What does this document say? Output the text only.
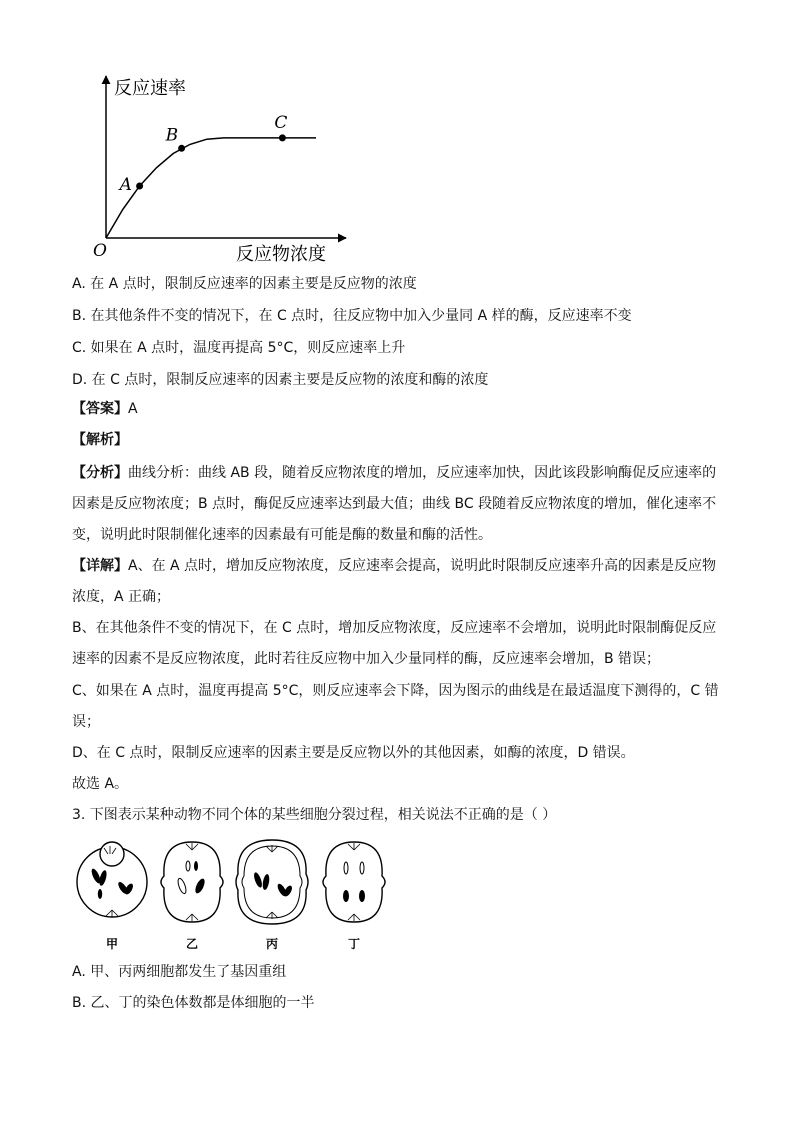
反应速率
反应物浓度
O
A
B
C
A. 在 A 点时，限制反应速率的因素主要是反应物的浓度
B. 在其他条件不变的情况下，在 C 点时，往反应物中加入少量同 A 样的酶，反应速率不变
C. 如果在 A 点时，温度再提高 5°C，则反应速率上升
D. 在 C 点时，限制反应速率的因素主要是反应物的浓度和酶的浓度
【答案】A
【解析】
【分析】曲线分析：曲线 AB 段，随着反应物浓度的增加，反应速率加快，因此该段影响酶促反应速率的
因素是反应物浓度；B 点时，酶促反应速率达到最大值；曲线 BC 段随着反应物浓度的增加，催化速率不
变，说明此时限制催化速率的因素最有可能是酶的数量和酶的活性。
【详解】A、在 A 点时，增加反应物浓度，反应速率会提高，说明此时限制反应速率升高的因素是反应物
浓度，A 正确；
B、在其他条件不变的情况下，在 C 点时，增加反应物浓度，反应速率不会增加，说明此时限制酶促反应
速率的因素不是反应物浓度，此时若往反应物中加入少量同样的酶，反应速率会增加，B 错误；
C、如果在 A 点时，温度再提高 5°C，则反应速率会下降，因为图示的曲线是在最适温度下测得的，C 错
误；
D、在 C 点时，限制反应速率的因素主要是反应物以外的其他因素，如酶的浓度，D 错误。
故选 A。
3. 下图表示某种动物不同个体的某些细胞分裂过程，相关说法不正确的是（ ）
甲	乙	丙	丁
A. 甲、丙两细胞都发生了基因重组
B. 乙、丁的染色体数都是体细胞的一半
